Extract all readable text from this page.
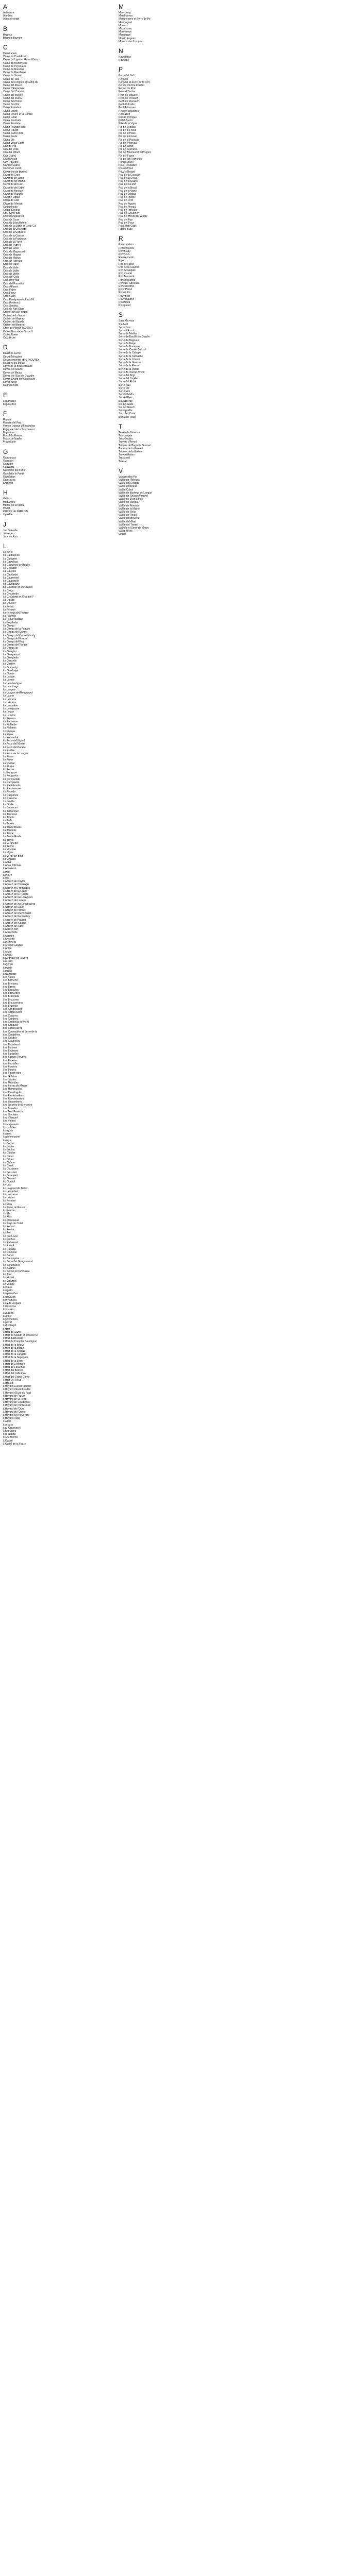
A
Abbadore
Aiarthas
Alpes Arrangé
B
Bagnan
Bagnols Bazeine
C
Calamanais
Camp de Castelcourt
Camp de Ligne et Grand Camp
Camp de Montmorier
Camp de Peysouies
Camp de Rancher
Camp de Randhaus
Camp de Taraon
Camp de Taur
Camp des Négres et Camp de
Camp del Marco
Camp d'Esgondos
Camp Del Comau
Camp del Marbre
Camp del Marra
Camp des Plans
Camp des Pla
Camp Estrades
Camp Lauon
Camp Lavine et la Combe
Camp Liblat
Camp Poulcatis
Camp Pourtate
Camp Pourtate Bas
Camp Rouge
Camp Saint-Félix
Camp Saule
Camp Vié
Camp Vieux Gaffe
Can de Pra
Can del Pollo
Can del Pillard
Can-Grand
Casal Hustz
Cayl Pouistre
Cazaitit-Casse
Cazeman Luran
Cayantine de Bounel
Cazontte Croix
Cazontte de Ligne
Cazontte de Matriol
Cazontte del Lac
Cazontte del Urbel
Cazontte Bosque
Cazontte Tourtan
Cazatte Ligalle
Cloup de Laié
Cloup de l'Amaitt
Coustalroute
Coutal Dessus
Crist Gavé Bas
Cros d'Angallieres
Cros de Coux
Cros de Jean Baurle
Cros de la Sabla et Croix Ca
Cros de la Croufette
Cros de la Capillere
Cros de la Cassae
Cros de la Fazuroux
Cros de la Farre
Cros de Fopree
Cros de Lavie
Cros de Magrassell
Cros de Magret
Cros de Matrus
Cros de Pairaux
Cros de Tarler
Cros de Valle
Cros de Valtie
Cros de Vielle
Cros del Colis
Cros del Pitus
Cros del Frassillon
Cros d'Esset
Cros Fabre
Cros Fijour
Cros Gitan
Cros Perrignous et Lacs Fil
Cros Ratstruct
Cros Sanduc
Cros de Nax Sans
Croiset de las Fontes
Croiset de la Naure
Croiset de Magrac
Croiset del Bauste
Croiset del Bourrier
Croix de Paralle (AUTRE)
Croiss Barrade et Serre H
Croiss Rouer
Cruz Brure
D
Danso le Gerse
Déché Mercules
Désperemontde (BIS (NOUTE)
Desepes Bu Mouill
Deval de la Bousteseauls
Devas del Sauce
Devas de Mauts
Devas de l'Eau de Gouzbin
Devas Grand del Gieuriaure
Devas Negr
Daune Roste
E
Espandoué
Espeuchez
F
Fagots
Fausse del Prat
Fentes Longue d'Espandius
Fayguelet de la Saumarous
Faynettes
Fiscal de Rosan
Fosse de Naples
Fraguillarle
G
Gandaroux
Gandalel
Gaouget
Gauzagal
Gayolette del Fonts
Gayolette le Fonts
Gayolettes
Galeraises
Gymerat
H
Hellons
Hemarges
Hotlas de la Malfa
Hortel
HURES LE PARADIS
Hyaldon
J
Jas Gervalte
Jolinerrou
Jour les Rais
L
La Berle
La Caldanines
La Cabiguet
La Caoulisse
La Caoulisse de Bouille
La Cescade
La Caussie
La Cauilastel
La Caumorrel
La Caunigelle
La Cauldtilane
La Caudelle et les Graves
La Crous
La Croustetto
La Crousiette et Cros del F
La Doisse
La Dousier
La Fenal
La Fenouh
La Fenouh del Fraisse
La Fakrelle
La Fliquet calque
La Fouvbelur
La Gariga
La Gariga de la Fagiale
La Gariga del Cancer
La Gariga del Cancé Meridy
La Gariga del Fourbe
La Gariga del Fray
La Gariga del Temple
La Gariga lar
La Gariglan
La Gariguesse
La Gariguette
La Gasselle
La Gasthe
La Granardy
La Gendrage
La Goutte
La Larabe
La Lavine
La Lemberdigue
La Laucinage
La Langue
La Langue del Rouguezol
La Laurie
La Lebrière
La Lobrière
La Laumabie
La Lotolgouse
La Loupe
La Lavette
La Pieuton
La Pausesse
La Pichanie
La Pichanis
La Pieujas
La Pieux
La Pounaché
La Peux del Bigard
La Peux del Manier
La Peux del Parade
La Rivière
La Peux de la Langue
La Pierre
La Pieux
La Rivière
La Pluma
La Pouse
La Pougoue
La Pouguette
La Pomparéde
La Rampuerle
La Rantaboule
La Ramissenne
La Rocade
La Raspanite
La Razonne
La Savide
La Sitelle
La Sabraces
La Tamarique
La Tauresse
La Tidette
La Tulle
La Troufe
La Tonde Bases
La Tondetie
La Travie
La Travie Reals
La Travie
La Vergnede
La Yenne
La Vinceau
La Vigne
La Verge de Bays
La Vignatte
L'Abba
L'Abou d'Arolas
L'Abrunieur
Larbe
Larebre
Lacia
L'Adrech de Cayrol
L'Adrech de Chardagu
L'Adrech de Frédéridés
L'Adrech de la Gaule
L'Adrech de la Tuillere
L'Adrech de las Lanygnes
L'Adrech de Larrane
L'Adrech de les Loupbraées
L'Adrech de Lysse
L'Adrech de Pierrus
L'Adrech de Ruiz Fousel
L'Adrech de Ponchalley
L'Adrech de Pradou
L'Adrech del Cancel
L'Adrech del Curé
L'Adrech Tort
L'Adrechotte
L'Adreure
L'Ancrehé
Lansomera
L'Ancien Gangue
L'Aniou
L'Arulie
L'Arvelu
Lavechave de Taupes
Lausses
Lagonde
Largiste
Largiele
Lazaltanate
Les Aulles
Les Bornens
Les Bremors
Les Banes
Les Besoules
Les Bordarees
Les Bradeaux
Les Brousses
Les Brousseroles
Les Brugeille
Les Cancelisses
Les Cargneulles
Les Coqures
Les Condens
Les Coutheus de Herd
Les Conques
Les Coustelaires
Les Couvaudes et Serre de la
Les Coudelhes
Les Coudes
Les Clauselles
Les Espalassé
Les Estrines
Les Espisses
Les Fangales
Les Fagues Rouges
Les Fauores
Les Forrialles
Les Fiquiers
Les Fiquies
Les Fossmettes
Les Galetas
Les Jandes
Les Matobtes
Les Ferres de Manse
Les Hamreuelles
Les Paradoguies
Les Parduisadeurs
Les Ronchaurules
Les Sinsomberts
Les Tresses de Mercaure
Les Tusedes
Les Tout Pasache
Les Tinchaes
Les Véqouet
Les Vinhes
Lencagnaude
Lonsulatins
Lenquas
Lisperu
Lozunmouchet
Lesque
Le Barbet
Le Berlier
Le Boulou
Le Cabrier
Le Cadet
Le Cécel
Le Colane
Le Cruel
Le Couasane
Le Doussiel
Le Gisaquiel
Le Giromot
Le Gueyol
Le Lac
Le Largavel de Benel
Le Lendebret
Le Lourouset
Le Lounet
Le Péméré
Le Pieu
Le Pieux de Roustin
Le Pradou
Le Pla
Le Plas
Le Plauqueud
Le Pays de Calel
Le Pouvel
Le Praduc
Le Pré
Le Pré Louis
Le Puches
Le Rabassal
Le Rainol
Le Rogaou
Le Rouiloué
Le Sarrel
Le Sauvajaise
Le Serre del Gougunaund
Le Sendillaires
Le Saitthel
Le Sol de la Combasse
Le Tour
Le Vernel
Le Vigatthel
Le Village
Lertiées
Lespatis
Lesparsades
Lesqualles
Lhovejourra
Lisa de Jorgues
L'Oasienoe
Loustalou
Lubailles
Luguis
Lignichemes
Ligerrat
Lafrontegal
L'Hort
L'Hort de Cazer
L'Hort de Saladit et Moussé M
L'Hort d'Alfrarède
L'Hort de Campter Saumignet
L'Hort de la Brique
L'Hort de la Borde
L'Hort de la Craque
L'Hort de la Langate
L'Hort de la Segrelate
L'Hort de la Serre
L'Hort de Léchauré
L'Hort de Faranhae
L'Hort del Bassel
L'Hort del Cabranou
L'Hort del Grand Comp
L'Hort Del Rouc
L'Hosset
L'Hoyard Garbal Flouble
L'Hoyard d'Eure Flouble
L'Hoyard d'Eure du Faut
L'Hoyard de Faruat
L'Hoyard de la Rege
L'Hoyard de Courbenne
L'Hoyard de Pontessure
L'Hoyard de l'Ours
L'Hoyard de l'Ogine
L'Hoyard del Rougeoul
L'Hoyard Fage
L'Ailou
Lorroura
Lou Conquesel
Loup Lorrie
Lou Nandu
Louis Herms
L'Ouralé
L'Ourtal de la Fosse
M
Mael Long
Manifrouves
Mantinesses et Serre de Pe
Marrhagnat
Moulat
Mazausseu
Monnarous
Monsegué
Moulin Fagnes
Moulins des Lumgues
N
Naudlhouz
Naudaru
P
Parra del Gall
Pengoul
Pengoul et Serre de la Fon
Persail d'Entre Fouillat
Persiel de Prat
Pessail Taulas
Pech de Mauaret
Pech de Perauch
Pech de Frerauch
Pech Cultrelle
Pech Fitresses
Pequeh Rossides
Pepouelle
Piesse d'Ongue
Pialet Baron
Pilat de la Vigne
Pla de Sessaie
Pla de la Fosse
Pla de la Pisse
Pla de la Fouvel
Pla de la Passade
Pla del Peyruda
Pla del Roux
Pla del Carrabot
Pla del Marcaurat et Prugen
Pla del Fuyse
Pla del las Tranches
Pompounière
Pouel Fouxabel
Poudestroux
Pouzet Bassel
Prat de la Cassade
Prat de la Croux
Prat de la Gause
Prat de la Flouf
Prat de la Rivail
Prat de la Vigne
Prat de Longue
Prat de Pacole
Prat de Pere
Prat de Piguiet
Prat de Peyrau
Prat de Tamouls
Prat del Cousther
Prat del Hovel del Vilagie
Prat del Pas
Prat del Pous
Prats Bas Cabs
Puech Basu
R
Rabeurtaines
Rebrenesses
Remboury
Remrieux
Rieusennede
Ripart
Roc de Ravel
Roc de la Caunne
Roc de Naples
Roc Peucal
Roc Tencouté
Ronc del Bosc
Ronc de Carrouel
Ronc del Bret
Ronc Perrel
Roque Pis
Rouval de
Rouvet Blanc
Roulaldes
Rouquerol
S
Saint-Gervais
Sauberil
Serre Bas
Serre d'Arnal
Serre de Mailles
Serre de Bouillé les Oiqolie
Serre de Bagnaux
Serre de Barge
Serre de Bravourers
Serre de Condé Gansol
Serre de la Cabaye
Serre de la Catouelle
Serre de la Cœure
Serre de la Gouisse
Serre de la Pierre
Serre de la Vache
Serre de Tourtet Avenir
Serre del Brigi
Serre del Capillet
Serre del Piché
Serre Nau
Serre Pié
Serre Ven
Set del Malfa
Set del Beur
Sougadertte
Sol del Gaite
Sol del Gauch
Soumpuelte
Sous les Caim
Sixtlat de Fraie
T
Tarrea de Bérenas
Tire Longue
Trés Goutes
Travers d'Armel
Travers de Bagnols Bérenac
Travers de la Pouselt
Travers de la Grosse
Traversillettes
Trescoual
Tulerac
V
Valabes des Pis
Vallée de l'Affebes
Vallée del Dessus
Vallée del Rieux
Vallée Cabal
Vallée de Baulous de Longue
Vallée de Chassé Fauvrel
Vallée de Jean Rolas
Vallée de Langua
Vallée de Ferrach
Vallée de la Mairie
Vallée de Reus
Vallée de Rouel
Vallée del Bouerat
Vallée del Giraf
Vallée del Trousl
Valbelle et Serre de Marco
Valles Rilles
Vestel
